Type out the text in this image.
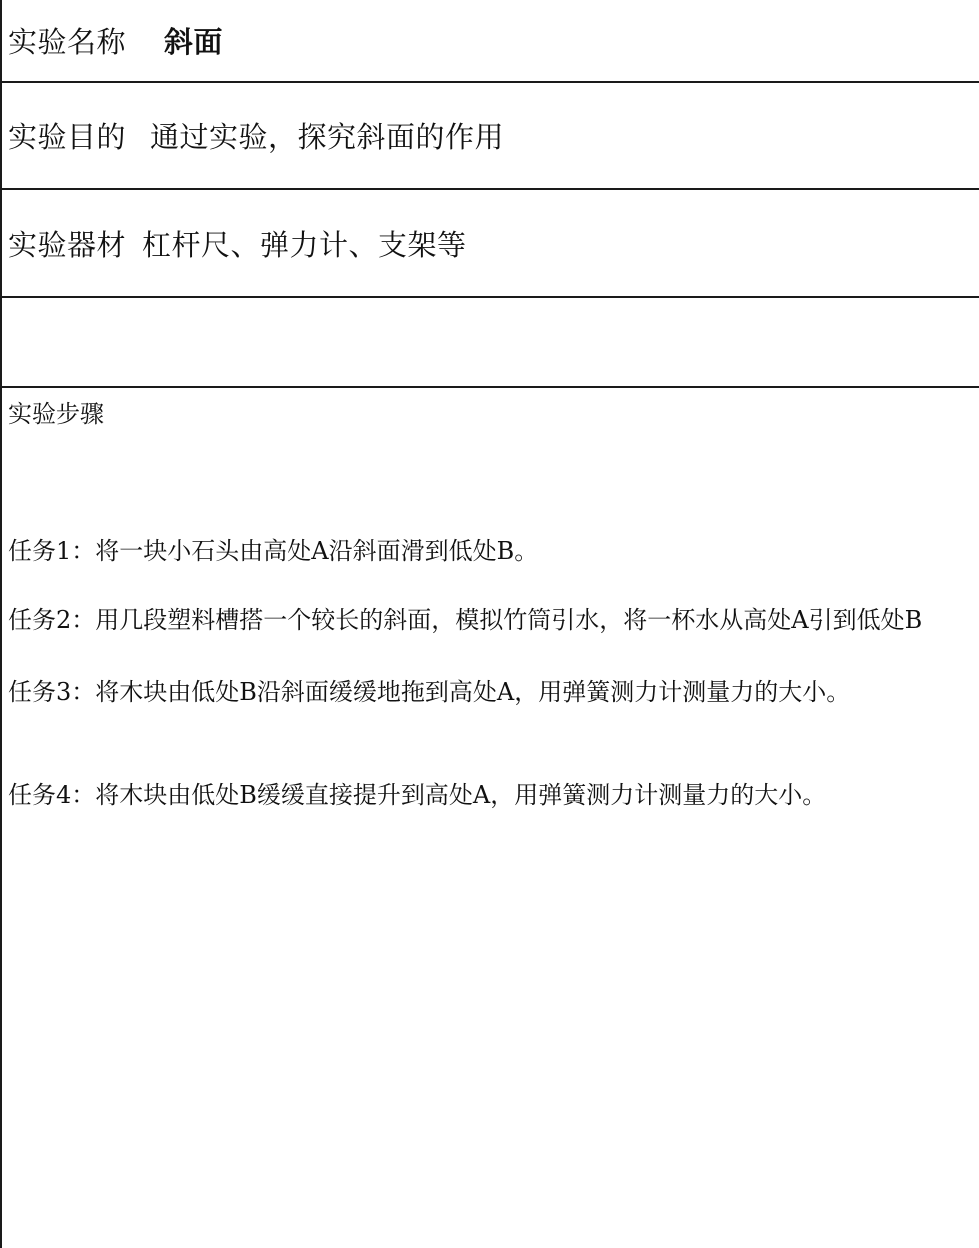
实验名称 斜面
实验目的 通过实验，探究斜面的作用
实验器材 杠杆尺、弹力计、支架等
实验步骤
任务1：将一块小石头由高处A沿斜面滑到低处B。
任务2：用几段塑料槽搭一个较长的斜面，模拟竹筒引水，将一杯水从高处A引到低处B
任务3：将木块由低处B沿斜面缓缓地拖到高处A，用弹簧测力计测量力的大小。
任务4：将木块由低处B缓缓直接提升到高处A，用弹簧测力计测量力的大小。
